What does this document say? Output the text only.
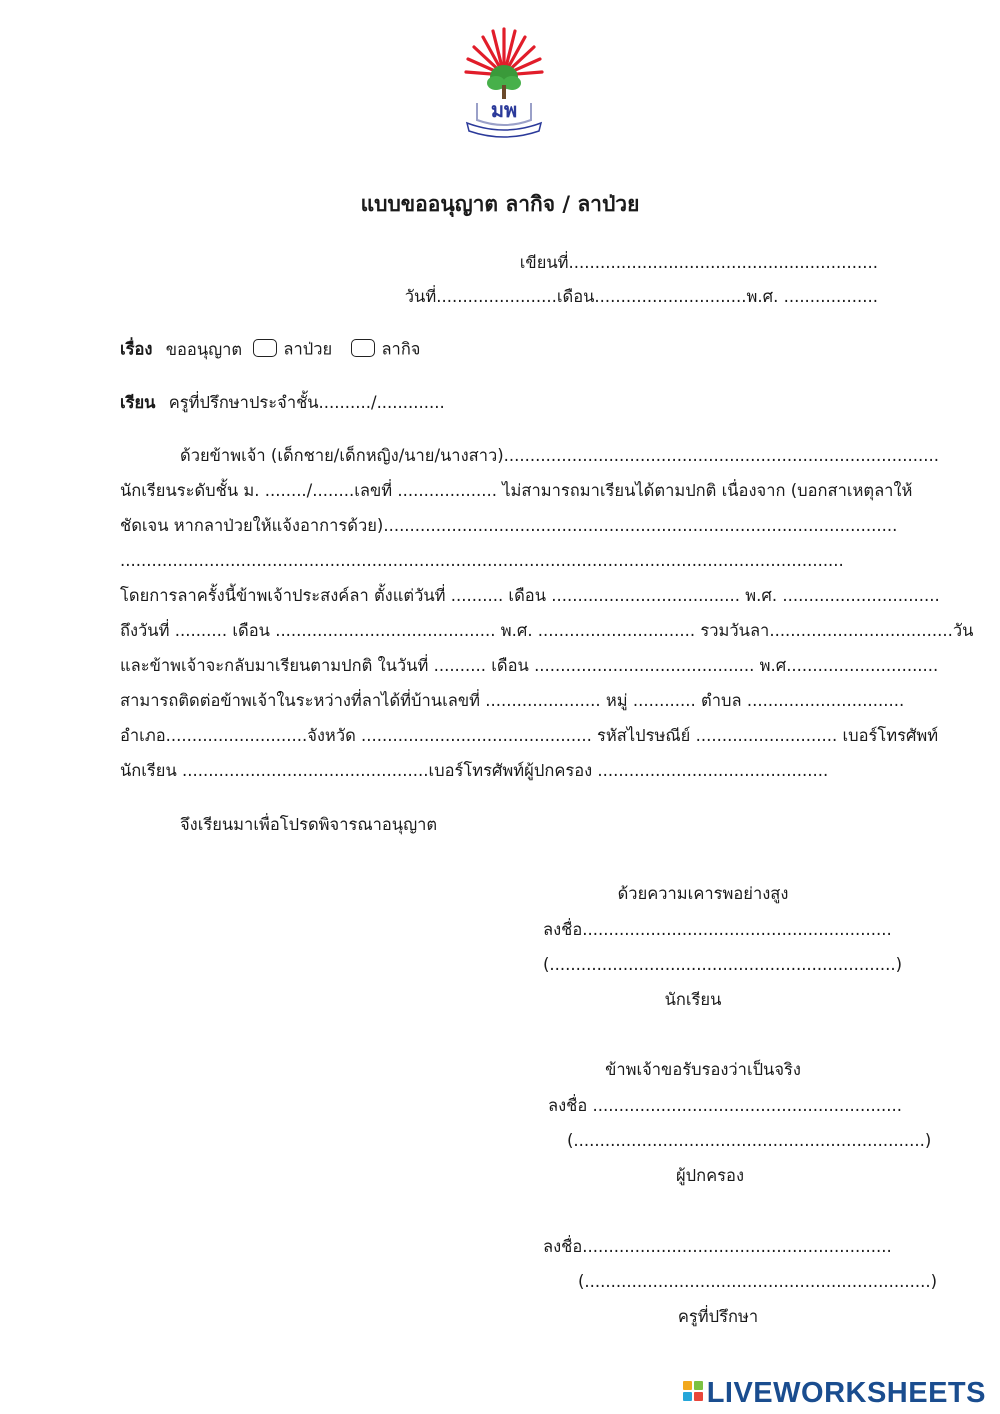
มพ
แบบขออนุญาต ลากิจ / ลาป่วย
เขียนที่...........................................................
วันที่.......................เดือน.............................พ.ศ. ..................
เรื่อง ขออนุญาต	ลาป่วย	ลากิจ
เรียน ครูที่ปรึกษาประจำชั้น........../.............
ด้วยข้าพเจ้า (เด็กชาย/เด็กหญิง/นาย/นางสาว)...................................................................................
นักเรียนระดับชั้น ม. ......../........เลขที่ ................... ไม่สามารถมาเรียนได้ตามปกติ เนื่องจาก (บอกสาเหตุลาให้
ชัดเจน หากลาป่วยให้แจ้งอาการด้วย)..................................................................................................
..........................................................................................................................................
โดยการลาครั้งนี้ข้าพเจ้าประสงค์ลา ตั้งแต่วันที่ .......... เดือน .................................... พ.ศ. ..............................
ถึงวันที่ .......... เดือน .......................................... พ.ศ. .............................. รวมวันลา...................................วัน
และข้าพเจ้าจะกลับมาเรียนตามปกติ ในวันที่ .......... เดือน .......................................... พ.ศ.............................
สามารถติดต่อข้าพเจ้าในระหว่างที่ลาได้ที่บ้านเลขที่ ...................... หมู่ ............ ตำบล ..............................
อำเภอ...........................จังหวัด ............................................ รหัสไปรษณีย์ ........................... เบอร์โทรศัพท์
นักเรียน ...............................................เบอร์โทรศัพท์ผู้ปกครอง ............................................
จึงเรียนมาเพื่อโปรดพิจารณาอนุญาต
ด้วยความเคารพอย่างสูง
ลงชื่อ...........................................................
(..................................................................)
นักเรียน
ข้าพเจ้าขอรับรองว่าเป็นจริง
ลงชื่อ ...........................................................
(...................................................................)
ผู้ปกครอง
ลงชื่อ...........................................................
(..................................................................)
ครูที่ปรึกษา
LIVEWORKSHEETS
